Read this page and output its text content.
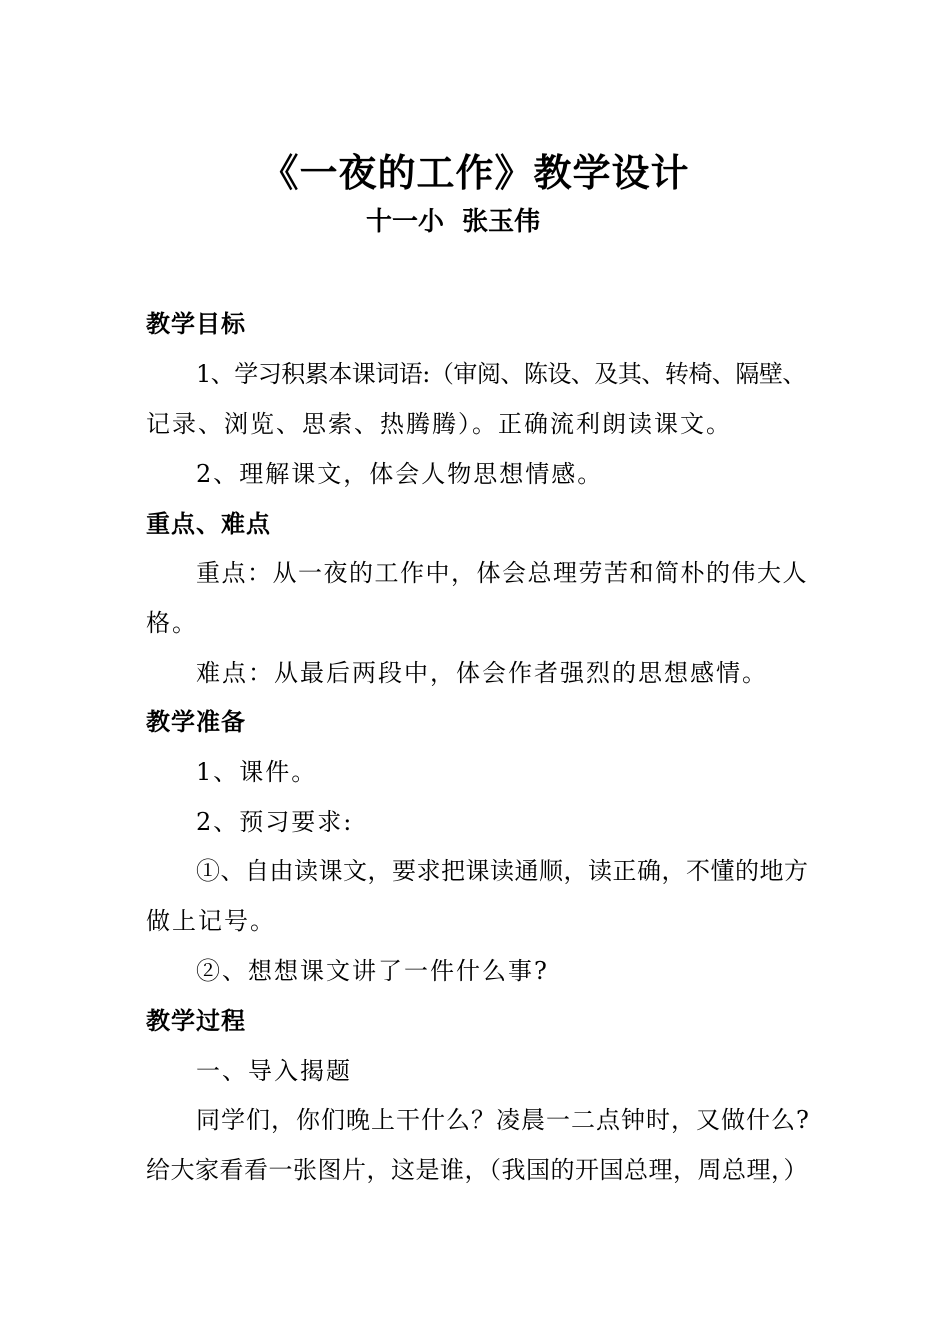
《一夜的工作》教学设计
十一小  张玉伟
教学目标
1、学习积累本课词语:（审阅、陈设、及其、转椅、隔壁、
记录、浏览、思索、热腾腾）。正确流利朗读课文。
2、理解课文，体会人物思想情感。
重点、难点
重点：从一夜的工作中，体会总理劳苦和简朴的伟大人
格。
难点：从最后两段中，体会作者强烈的思想感情。
教学准备
1、课件。
2、预习要求:
①、自由读课文，要求把课读通顺，读正确，不懂的地方
做上记号。
②、想想课文讲了一件什么事?
教学过程
一、导入揭题
同学们，你们晚上干什么？凌晨一二点钟时，又做什么?
给大家看看一张图片，这是谁，（我国的开国总理，周总理，）
